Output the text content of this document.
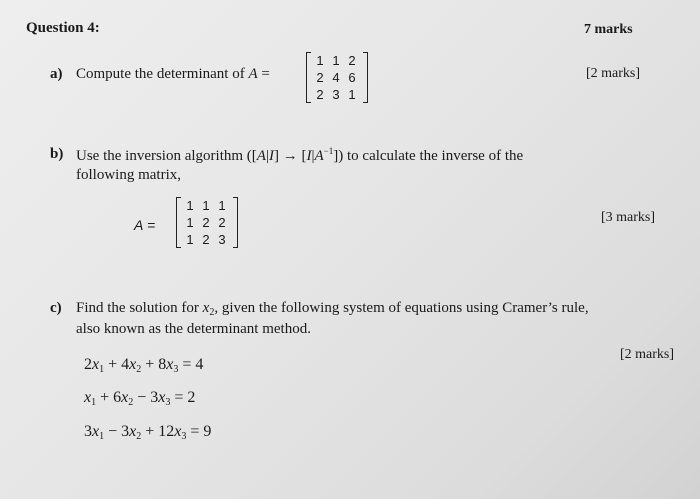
Question 4:	7 marks
a) Compute the determinant of A =
1	1	2
2	4	6
2	3	1
[2 marks]
b) Use the inversion algorithm $([A|I] \to [I|A^{-1}])$ to calculate the inverse of the
following matrix,
A =
1	1	1
1	2	2
1	2	3
[3 marks]
c) Find the solution for $x_2$, given the following system of equations using Cramer’s rule,
also known as the determinant method.
[2 marks]
$2x_1 + 4x_2 + 8x_3 = 4$
$x_1 + 6x_2 - 3x_3 = 2$
$3x_1 - 3x_2 + 12x_3 = 9$
